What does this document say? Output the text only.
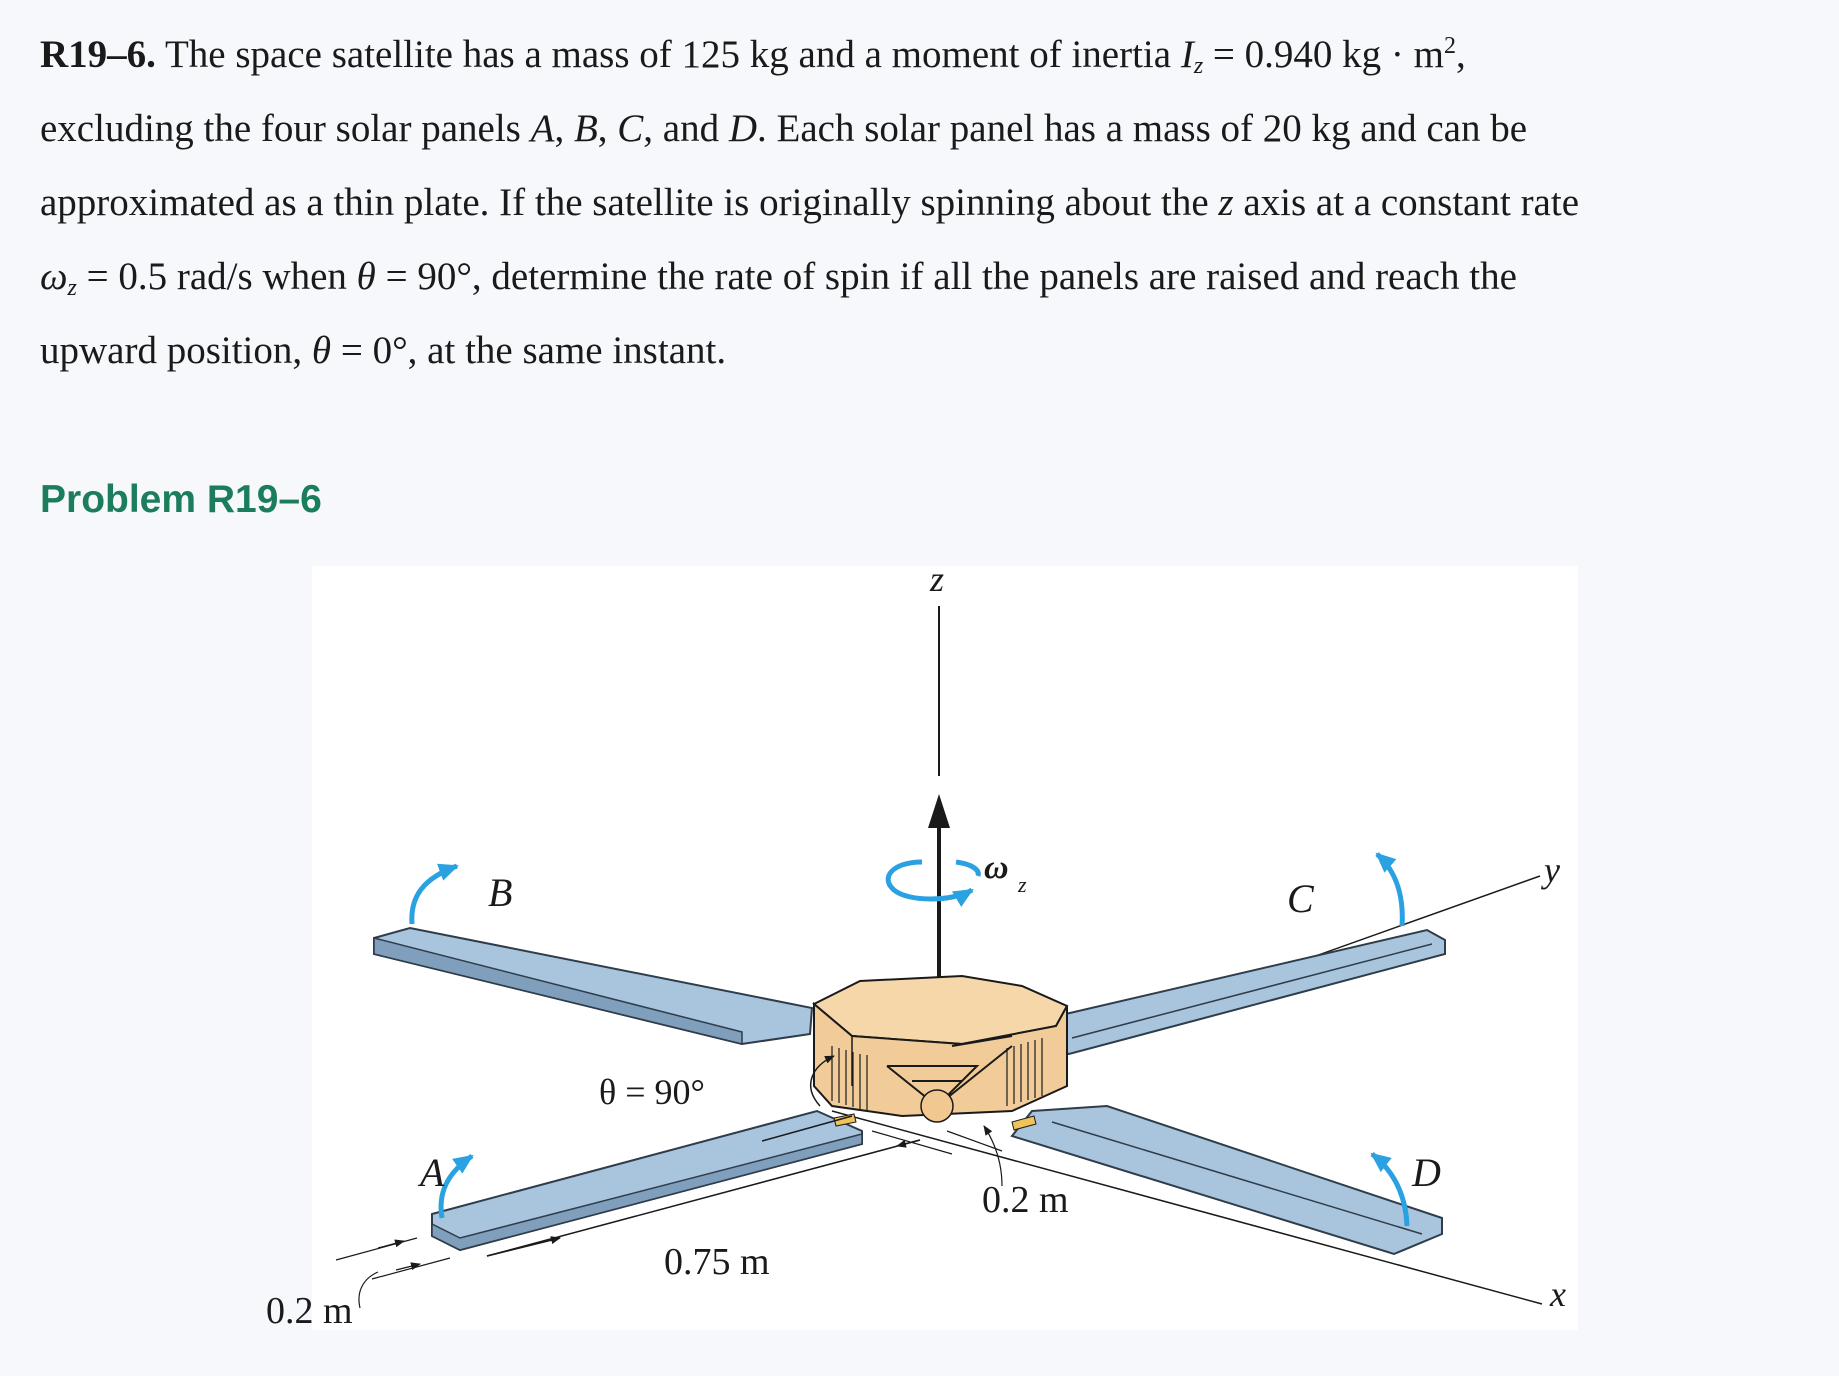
R19–6. The space satellite has a mass of 125 kg and a moment of inertia $I_z = 0.940$ kg · $m^2$,
excluding the four solar panels A, B, C, and D. Each solar panel has a mass of 20 kg and can be
approximated as a thin plate. If the satellite is originally spinning about the z axis at a constant rate
$\omega_z = 0.5$ rad/s when θ = 90°, determine the rate of spin if all the panels are raised and reach the
upward position, θ = 0°, at the same instant.
Problem R19–6
z
y
x
ω z
B	C
A	D
θ = 90°
0.75 m
0.2 m
0.2 m
